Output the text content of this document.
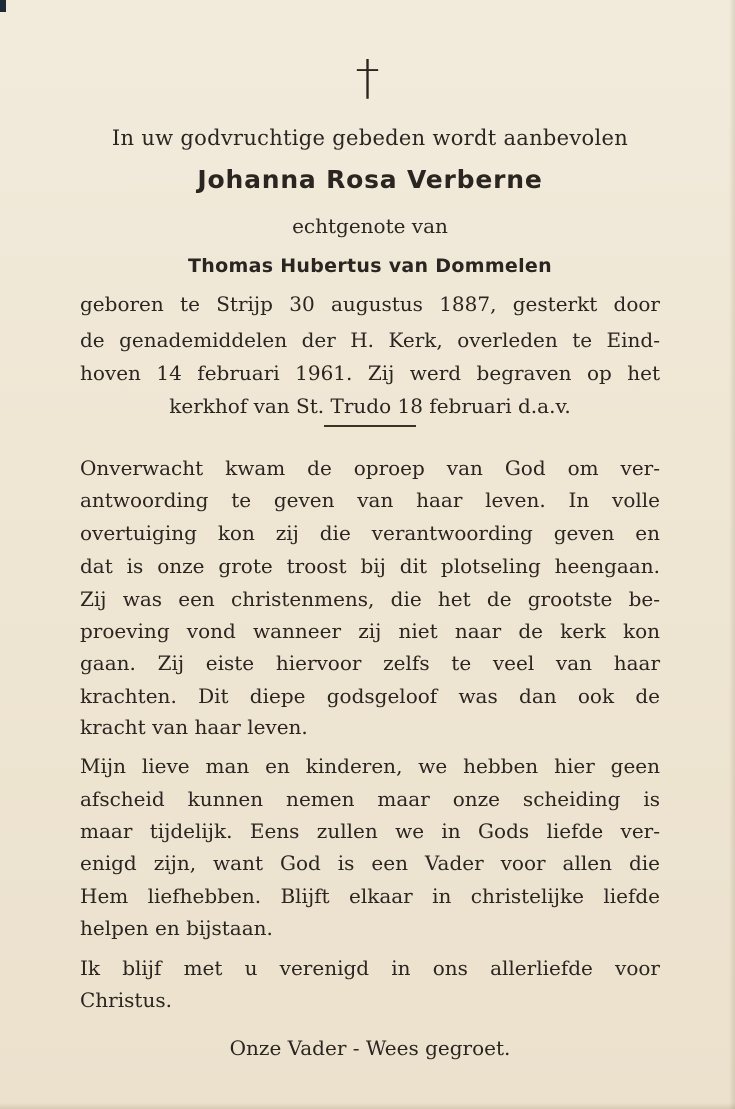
†
In uw godvruchtige gebeden wordt aanbevolen
Johanna Rosa Verberne
echtgenote van
Thomas Hubertus van Dommelen
geboren te Strijp 30 augustus 1887, gesterkt door
de genademiddelen der H. Kerk, overleden te Eind-
hoven 14 februari 1961. Zij werd begraven op het
kerkhof van St. Trudo 18 februari d.a.v.
Onverwacht kwam de oproep van God om ver-
antwoording te geven van haar leven. In volle
overtuiging kon zij die verantwoording geven en
dat is onze grote troost bij dit plotseling heengaan.
Zij was een christenmens, die het de grootste be-
proeving vond wanneer zij niet naar de kerk kon
gaan. Zij eiste hiervoor zelfs te veel van haar
krachten. Dit diepe godsgeloof was dan ook de
kracht van haar leven.
Mijn lieve man en kinderen, we hebben hier geen
afscheid kunnen nemen maar onze scheiding is
maar tijdelijk. Eens zullen we in Gods liefde ver-
enigd zijn, want God is een Vader voor allen die
Hem liefhebben. Blijft elkaar in christelijke liefde
helpen en bijstaan.
Ik blijf met u verenigd in ons allerliefde voor
Christus.
Onze Vader - Wees gegroet.
